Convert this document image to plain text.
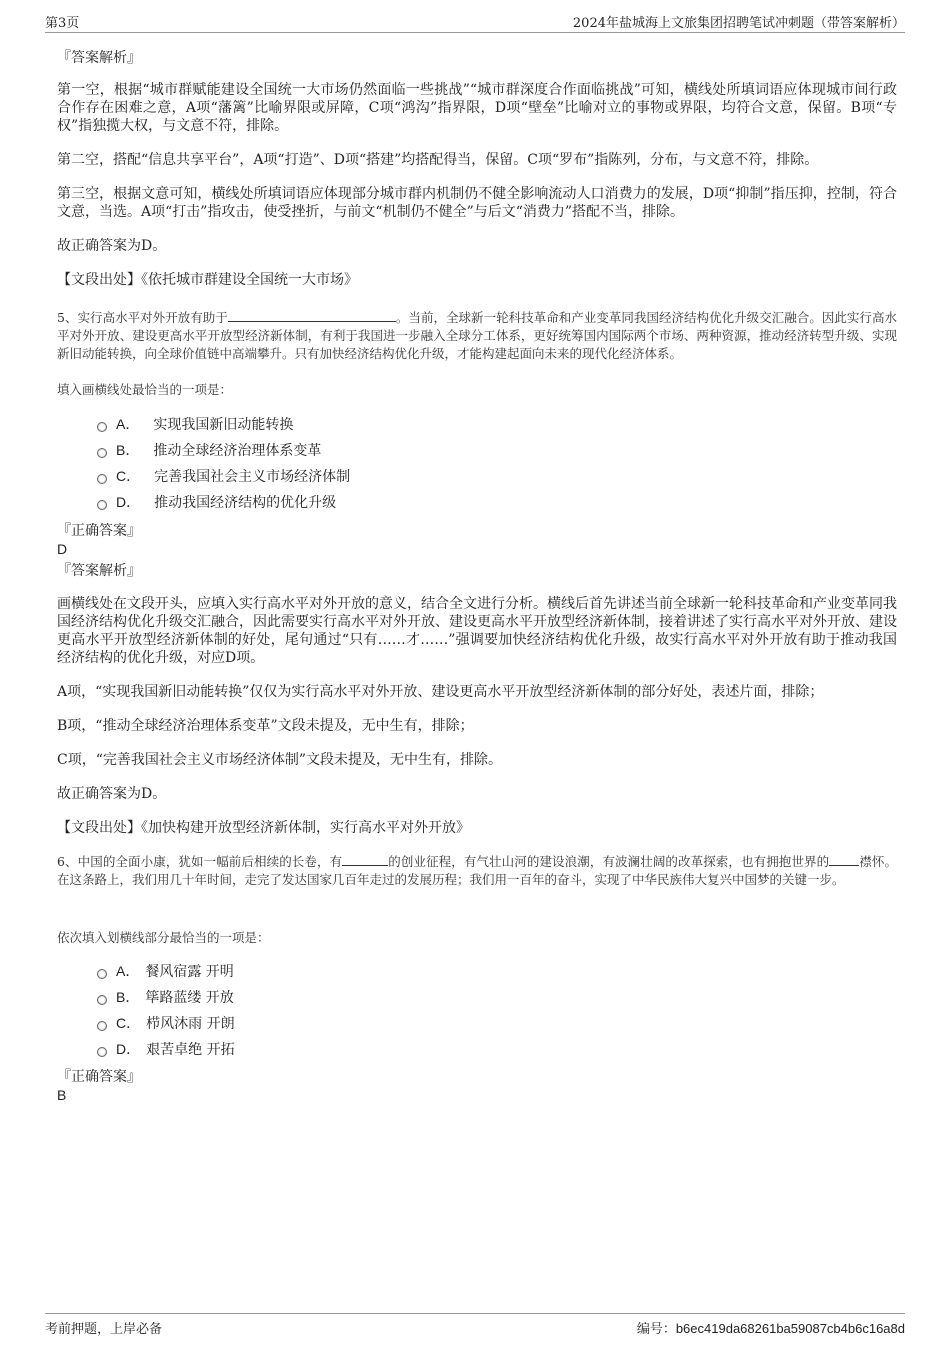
第3页	2024年盐城海上文旅集团招聘笔试冲刺题（带答案解析）
『答案解析』
第一空，根据“城市群赋能建设全国统一大市场仍然面临一些挑战”“城市群深度合作面临挑战”可知，横线处所填词语应体现城市间行政合作存在困难之意，A项“藩篱”比喻界限或屏障，C项“鸿沟”指界限，D项“壁垒”比喻对立的事物或界限，均符合文意，保留。B项“专权”指独揽大权，与文意不符，排除。
第二空，搭配“信息共享平台”，A项“打造”、D项“搭建”均搭配得当，保留。C项“罗布”指陈列，分布，与文意不符，排除。
第三空，根据文意可知，横线处所填词语应体现部分城市群内机制仍不健全影响流动人口消费力的发展，D项“抑制”指压抑，控制，符合文意，当选。A项“打击”指攻击，使受挫折，与前文“机制仍不健全”与后文“消费力”搭配不当，排除。
故正确答案为D。
【文段出处】《依托城市群建设全国统一大市场》
5、实行高水平对外开放有助于	。当前，全球新一轮科技革命和产业变革同我国经济结构优化升级交汇融合。因此实行高水平对外开放、建设更高水平开放型经济新体制，有利于我国进一步融入全球分工体系，更好统筹国内国际两个市场、两种资源，推动经济转型升级、实现新旧动能转换，向全球价值链中高端攀升。只有加快经济结构优化升级，才能构建起面向未来的现代化经济体系。
填入画横线处最恰当的一项是：
A． 实现我国新旧动能转换
B． 推动全球经济治理体系变革
C． 完善我国社会主义市场经济体制
D． 推动我国经济结构的优化升级
『正确答案』
D
『答案解析』
画横线处在文段开头，应填入实行高水平对外开放的意义，结合全文进行分析。横线后首先讲述当前全球新一轮科技革命和产业变革同我国经济结构优化升级交汇融合，因此需要实行高水平对外开放、建设更高水平开放型经济新体制，接着讲述了实行高水平对外开放、建设更高水平开放型经济新体制的好处，尾句通过“只有……才……”强调要加快经济结构优化升级，故实行高水平对外开放有助于推动我国经济结构的优化升级，对应D项。
A项，“实现我国新旧动能转换”仅仅为实行高水平对外开放、建设更高水平开放型经济新体制的部分好处，表述片面，排除；
B项，“推动全球经济治理体系变革”文段未提及，无中生有，排除；
C项，“完善我国社会主义市场经济体制”文段未提及，无中生有，排除。
故正确答案为D。
【文段出处】《加快构建开放型经济新体制，实行高水平对外开放》
6、中国的全面小康，犹如一幅前后相续的长卷，有	的创业征程，有气壮山河的建设浪潮，有波澜壮阔的改革探索，也有拥抱世界的 襟怀。在这条路上，我们用几十年时间，走完了发达国家几百年走过的发展历程；我们用一百年的奋斗，实现了中华民族伟大复兴中国梦的关键一步。
依次填入划横线部分最恰当的一项是：
A． 餐风宿露 开明
B． 筚路蓝缕 开放
C． 栉风沐雨 开朗
D． 艰苦卓绝 开拓
『正确答案』
B
考前押题，上岸必备	编号：b6ec419da68261ba59087cb4b6c16a8d
